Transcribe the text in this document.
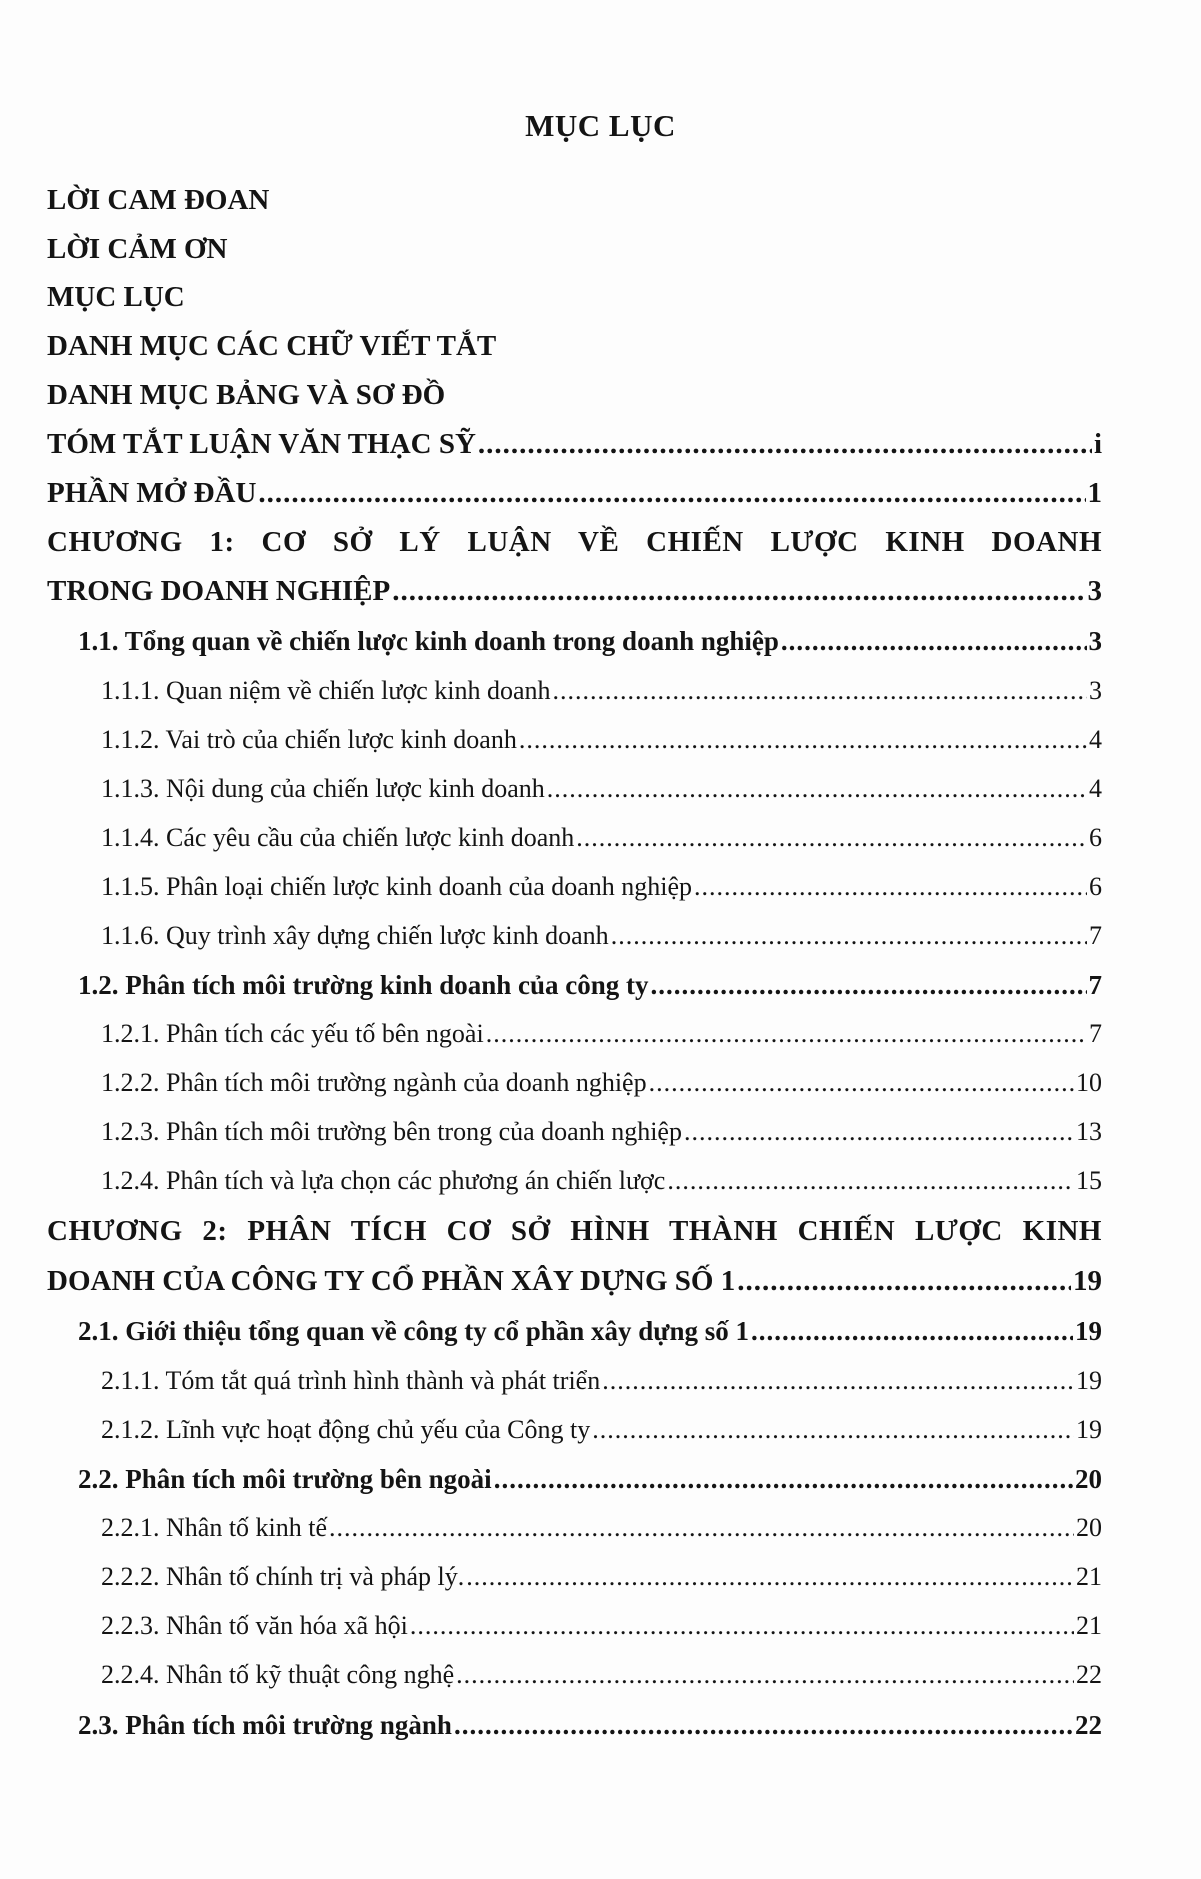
MỤC LỤC
LỜI CAM ĐOAN
LỜI CẢM ƠN
MỤC LỤC
DANH MỤC CÁC CHỮ VIẾT TẮT
DANH MỤC BẢNG VÀ SƠ ĐỒ
TÓM TẮT LUẬN VĂN THẠC SỸ .....	i
PHẦN MỞ ĐẦU .....	1
CHƯƠNG 1: CƠ SỞ LÝ LUẬN VỀ CHIẾN LƯỢC KINH DOANH
TRONG DOANH NGHIỆP .....	3
1.1. Tổng quan về chiến lược kinh doanh trong doanh nghiệp .....	3
1.1.1. Quan niệm về chiến lược kinh doanh .....	3
1.1.2. Vai trò của chiến lược kinh doanh .....	4
1.1.3. Nội dung của chiến lược kinh doanh .....	4
1.1.4. Các yêu cầu của chiến lược kinh doanh .....	6
1.1.5. Phân loại chiến lược kinh doanh của doanh nghiệp .....	6
1.1.6. Quy trình xây dựng chiến lược kinh doanh .....	7
1.2. Phân tích môi trường kinh doanh của công ty .....	7
1.2.1. Phân tích các yếu tố bên ngoài .....	7
1.2.2. Phân tích môi trường ngành của doanh nghiệp .....	10
1.2.3. Phân tích môi trường bên trong của doanh nghiệp .....	13
1.2.4. Phân tích và lựa chọn các phương án chiến lược .....	15
CHƯƠNG 2: PHÂN TÍCH CƠ SỞ HÌNH THÀNH CHIẾN LƯỢC KINH
DOANH CỦA CÔNG TY CỔ PHẦN XÂY DỰNG SỐ 1 .....	19
2.1. Giới thiệu tổng quan về công ty cổ phần xây dựng số 1 .....	19
2.1.1. Tóm tắt quá trình hình thành và phát triển .....	19
2.1.2. Lĩnh vực hoạt động chủ yếu của Công ty .....	19
2.2. Phân tích môi trường bên ngoài .....	20
2.2.1. Nhân tố kinh tế .....	20
2.2.2. Nhân tố chính trị và pháp lý. .....	21
2.2.3. Nhân tố văn hóa xã hội .....	21
2.2.4. Nhân tố kỹ thuật công nghệ .....	22
2.3. Phân tích môi trường ngành .....	22
